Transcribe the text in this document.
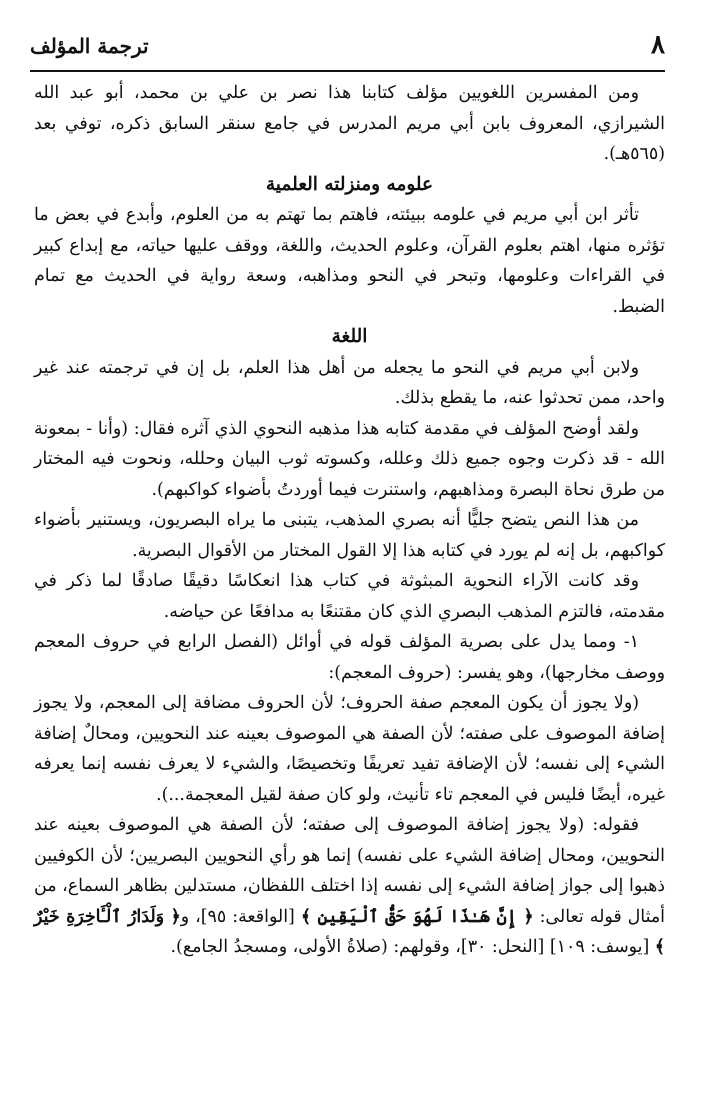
٨
ترجمة المؤلف

ومن المفسرين اللغويين مؤلف كتابنا هذا نصر بن علي بن محمد، أبو عبد الله الشيرازي، المعروف بابن أبي مريم المدرس في جامع سنقر السابق ذكره، توفي بعد (٥٦٥هـ).

علومه ومنزلته العلمية

تأثر ابن أبي مريم في علومه ببيئته، فاهتم بما تهتم به من العلوم، وأبدع في بعض ما تؤثره منها، اهتم بعلوم القرآن، وعلوم الحديث، واللغة، ووقف عليها حياته، مع إبداع كبير في القراءات وعلومها، وتبحر في النحو ومذاهبه، وسعة رواية في الحديث مع تمام الضبط.

اللغة

ولابن أبي مريم في النحو ما يجعله من أهل هذا العلم، بل إن في ترجمته عند غير واحد، ممن تحدثوا عنه، ما يقطع بذلك.

ولقد أوضح المؤلف في مقدمة كتابه هذا مذهبه النحوي الذي آثره فقال: (وأنا - بمعونة الله - قد ذكرت وجوه جميع ذلك وعلله، وكسوته ثوب البيان وحلله، ونحوت فيه المختار من طرق نحاة البصرة ومذاهبهم، واستنرت فيما أوردتُ بأضواء كواكبهم).

من هذا النص يتضح جليًّا أنه بصري المذهب، يتبنى ما يراه البصريون، ويستنير بأضواء كواكبهم، بل إنه لم يورد في كتابه هذا إلا القول المختار من الأقوال البصرية.

وقد كانت الآراء النحوية المبثوثة في كتاب هذا انعكاسًا دقيقًا صادقًا لما ذكر في مقدمته، فالتزم المذهب البصري الذي كان مقتنعًا به مدافعًا عن حياضه.

١- ومما يدل على بصرية المؤلف قوله في أوائل (الفصل الرابع في حروف المعجم ووصف مخارجها)، وهو يفسر: (حروف المعجم):

(ولا يجوز أن يكون المعجم صفة الحروف؛ لأن الحروف مضافة إلى المعجم، ولا يجوز إضافة الموصوف على صفته؛ لأن الصفة هي الموصوف بعينه عند النحويين، ومحالٌ إضافة الشيء إلى نفسه؛ لأن الإضافة تفيد تعريفًا وتخصيصًا، والشيء لا يعرف نفسه إنما يعرفه غيره، أيضًا فليس في المعجم تاء تأنيث، ولو كان صفة لقيل المعجمة...).

فقوله: (ولا يجوز إضافة الموصوف إلى صفته؛ لأن الصفة هي الموصوف بعينه عند النحويين، ومحال إضافة الشيء على نفسه) إنما هو رأي النحويين البصريين؛ لأن الكوفيين ذهبوا إلى جواز إضافة الشيء إلى نفسه إذا اختلف اللفظان، مستدلين بظاهر السماع، من أمثال قوله تعالى: ﴿ إِنَّ هَـٰذَا لَهُوَ حَقُّ ٱلْيَقِينِ ﴾ [الواقعة: ٩٥]، و﴿ وَلَدَارُ ٱلْـَٔاخِرَةِ خَيْرٌ ﴾ [يوسف: ١٠٩] [النحل: ٣٠]، وقولهم: (صلاةُ الأولى، ومسجدُ الجامع).
